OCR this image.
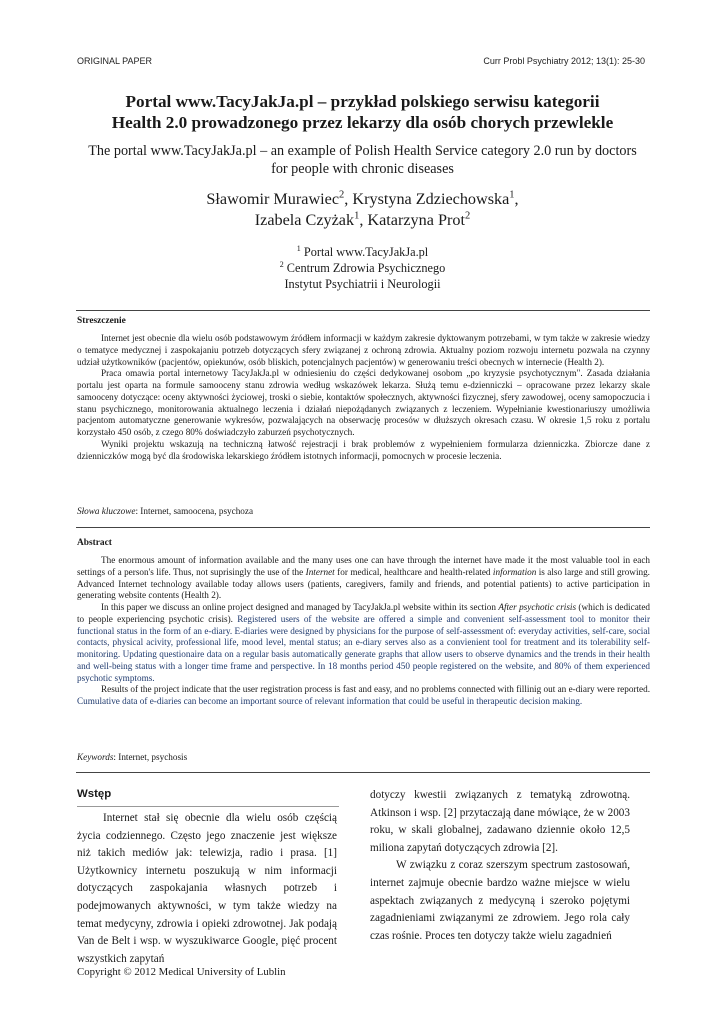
ORIGINAL PAPER	Curr Probl Psychiatry 2012; 13(1): 25-30
Portal www.TacyJakJa.pl – przykład polskiego serwisu kategorii
Health 2.0 prowadzonego przez lekarzy dla osób chorych przewlekle
The portal www.TacyJakJa.pl – an example of Polish Health Service category 2.0 run by doctors
for people with chronic diseases
Sławomir Murawiec$^2$, Krystyna Zdziechowska$^1$,
Izabela Czyżak$^1$, Katarzyna Prot$^2$
$^1$ Portal www.TacyJakJa.pl
$^2$ Centrum Zdrowia Psychicznego
Instytut Psychiatrii i Neurologii
Streszczenie

Internet jest obecnie dla wielu osób podstawowym źródłem informacji w każdym zakresie dyktowanym potrzebami, w tym także w zakresie wiedzy o tematyce medycznej i zaspokajaniu potrzeb dotyczących sfery związanej z ochroną zdrowia. Aktualny poziom rozwoju internetu pozwala na czynny udział użytkowników (pacjentów, opiekunów, osób bliskich, potencjalnych pacjentów) w generowaniu treści obecnych w internecie (Health 2).

Praca omawia portal internetowy TacyJakJa.pl w odniesieniu do części dedykowanej osobom „po kryzysie psychotycznym". Zasada działania portalu jest oparta na formule samooceny stanu zdrowia według wskazówek lekarza. Służą temu e-dzienniczki – opracowane przez lekarzy skale samooceny dotyczące: oceny aktywności życiowej, troski o siebie, kontaktów społecznych, aktywności fizycznej, sfery zawodowej, oceny samopoczucia i stanu psychicznego, monitorowania aktualnego leczenia i działań niepożądanych związanych z leczeniem. Wypełnianie kwestionariuszy umożliwia pacjentom automatyczne generowanie wykresów, pozwalających na obserwację procesów w dłuższych okresach czasu. W okresie 1,5 roku z portalu korzystało 450 osób, z czego 80% doświadczyło zaburzeń psychotycznych.

Wyniki projektu wskazują na techniczną łatwość rejestracji i brak problemów z wypełnieniem formularza dzienniczka. Zbiorcze dane z dzienniczków mogą być dla środowiska lekarskiego źródłem istotnych informacji, pomocnych w procesie leczenia.

Słowa kluczowe: Internet, samoocena, psychoza
Abstract

The enormous amount of information available and the many uses one can have through the internet have made it the most valuable tool in each settings of a person's life. Thus, not suprisingly the use of the Internet for medical, healthcare and health-related information is also large and still growing. Advanced Internet technology available today allows users (patients, caregivers, family and friends, and potential patients) to active participation in generating website contents (Health 2).

In this paper we discuss an online project designed and managed by TacyJakJa.pl website within its section After psychotic crisis (which is dedicated to people experiencing psychotic crisis). Registered users of the website are offered a simple and convenient self-assessment tool to monitor their functional status in the form of an e-diary. E-diaries were designed by physicians for the purpose of self-assessment of: everyday activities, self-care, social contacts, physical acivity, professional life, mood level, mental status; an e-diary serves also as a convienient tool for treatment and its tolerability self-monitoring. Updating questionaire data on a regular basis automatically generate graphs that allow users to observe dynamics and the trends in their health and well-being status with a longer time frame and perspective. In 18 months period 450 people registered on the website, and 80% of them experienced psychotic symptoms.

Results of the project indicate that the user registration process is fast and easy, and no problems connected with fillinig out an e-diary were reported. Cumulative data of e-diaries can become an important source of relevant information that could be useful in therapeutic decision making.

Keywords: Internet, psychosis
Wstęp

Internet stał się obecnie dla wielu osób częścią życia codziennego. Często jego znaczenie jest większe niż takich mediów jak: telewizja, radio i prasa. [1] Użytkownicy internetu poszukują w nim informacji dotyczących zaspokajania własnych potrzeb i podejmowanych aktywności, w tym także wiedzy na temat medycyny, zdrowia i opieki zdrowotnej. Jak podają Van de Belt i wsp. w wyszukiwarce Google, pięć procent wszystkich zapytań

dotyczy kwestii związanych z tematyką zdrowotną. Atkinson i wsp. [2] przytaczają dane mówiące, że w 2003 roku, w skali globalnej, zadawano dziennie około 12,5 miliona zapytań dotyczących zdrowia [2].

W związku z coraz szerszym spectrum zastosowań, internet zajmuje obecnie bardzo ważne miejsce w wielu aspektach związanych z medycyną i szeroko pojętymi zagadnieniami związanymi ze zdrowiem. Jego rola cały czas rośnie. Proces ten dotyczy także wielu zagadnień

Copyright © 2012 Medical University of Lublin
